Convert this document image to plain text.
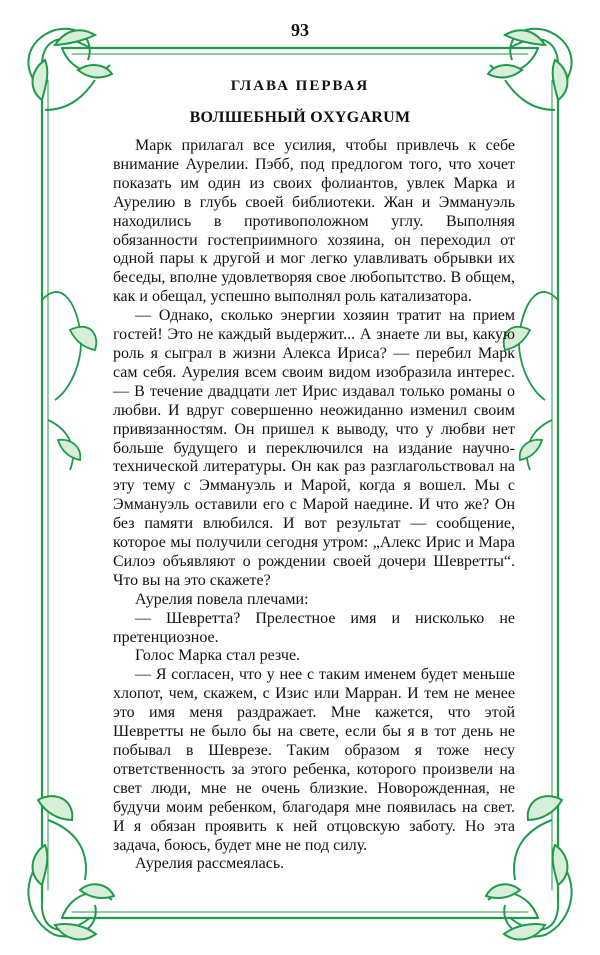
93
ГЛАВА ПЕРВАЯ
ВОЛШЕБНЫЙ OXYGARUM

Марк прилагал все усилия, чтобы привлечь к себе внимание Аурелии. Пэбб, под предлогом того, что хочет показать им один из своих фолиантов, увлек Марка и Аурелию в глубь своей библиотеки. Жан и Эммануэль находились в противоположном углу. Выполняя обязанности гостеприимного хозяина, он переходил от одной пары к другой и мог легко улавливать обрывки их беседы, вполне удовлетворяя свое любопытство. В общем, как и обещал, успешно выполнял роль катализатора.

— Однако, сколько энергии хозяин тратит на прием гостей! Это не каждый выдержит... А знаете ли вы, какую роль я сыграл в жизни Алекса Ириса? — перебил Марк сам себя. Аурелия всем своим видом изобразила интерес. — В течение двадцати лет Ирис издавал только романы о любви. И вдруг совершенно неожиданно изменил своим привязанностям. Он пришел к выводу, что у любви нет больше будущего и переключился на издание научно-технической литературы. Он как раз разглагольствовал на эту тему с Эммануэль и Марой, когда я вошел. Мы с Эммануэль оставили его с Марой наедине. И что же? Он без памяти влюбился. И вот результат — сообщение, которое мы получили сегодня утром: „Алекс Ирис и Мара Силоэ объявляют о рождении своей дочери Шевретты“. Что вы на это скажете?

Аурелия повела плечами:

— Шевретта? Прелестное имя и нисколько не претенциозное.

Голос Марка стал резче.

— Я согласен, что у нее с таким именем будет меньше хлопот, чем, скажем, с Изис или Марран. И тем не менее это имя меня раздражает. Мне кажется, что этой Шевретты не было бы на свете, если бы я в тот день не побывал в Шеврезе. Таким образом я тоже несу ответственность за этого ребенка, которого произвели на свет люди, мне не очень близкие. Новорожденная, не будучи моим ребенком, благодаря мне появилась на свет. И я обязан проявить к ней отцовскую заботу. Но эта задача, боюсь, будет мне не под силу.

Аурелия рассмеялась.
